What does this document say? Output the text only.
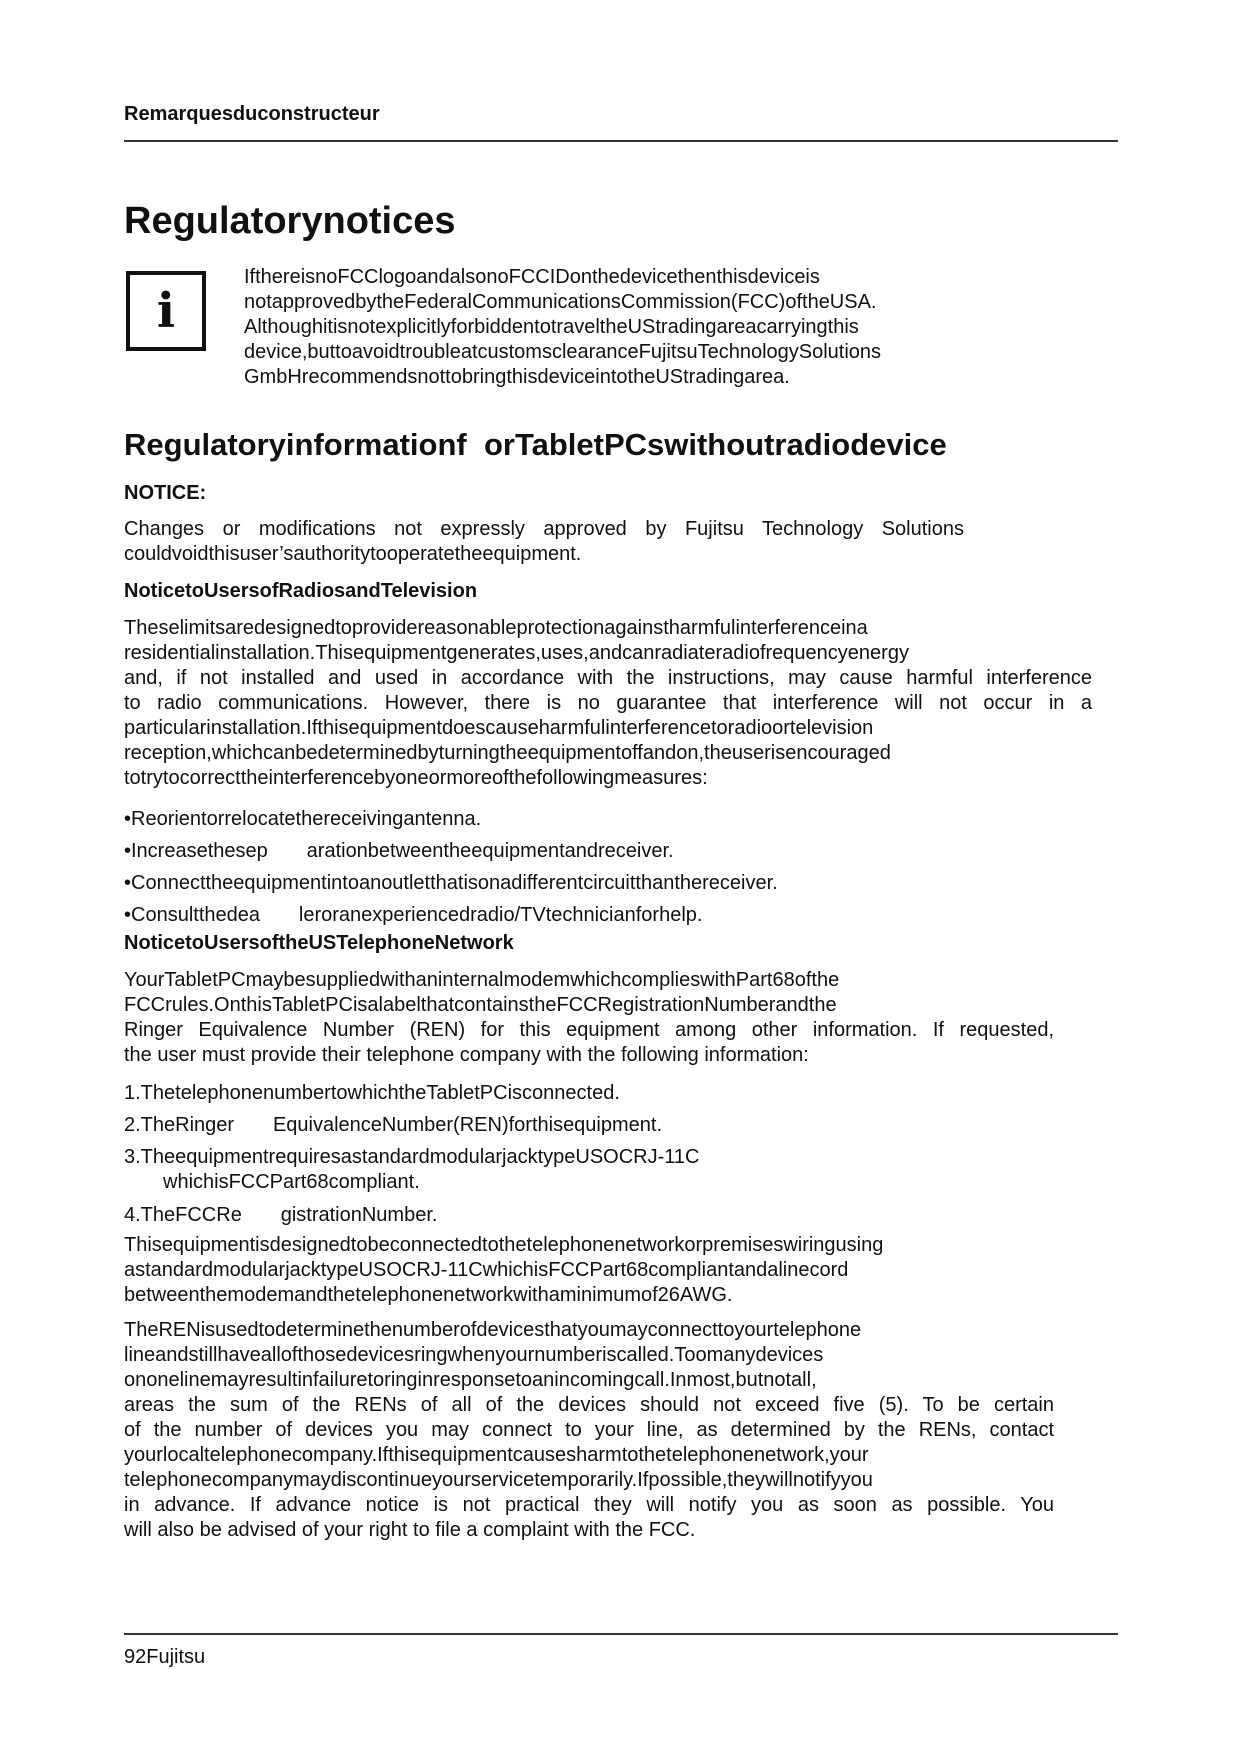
Remarquesduconstructeur
Regulatorynotices
i
IfthereisnoFCClogoandalsonoFCCIDonthedevicethenthisdeviceis
notapprovedbytheFederalCommunicationsCommission(FCC)oftheUSA.
AlthoughitisnotexplicitlyforbiddentotraveltheUStradingareacarryingthis
device,buttoavoidtroubleatcustomsclearanceFujitsuTechnologySolutions
GmbHrecommendsnottobringthisdeviceintotheUStradingarea.
Regulatoryinformationf  orTabletPCswithoutradiodevice
NOTICE:
Changes or modifications not expressly approved by Fujitsu Technology Solutions
couldvoidthisuser’sauthoritytooperatetheequipment.
NoticetoUsersofRadiosandTelevision
Theselimitsaredesignedtoprovidereasonableprotectionagainstharmfulinterferenceina
residentialinstallation.Thisequipmentgenerates,uses,andcanradiateradiofrequencyenergy
and, if not installed and used in accordance with the instructions, may cause harmful interference
to radio communications. However, there is no guarantee that interference will not occur in a
particularinstallation.Ifthisequipmentdoescauseharmfulinterferencetoradioortelevision
reception,whichcanbedeterminedbyturningtheequipmentoffandon,theuserisencouraged
totrytocorrecttheinterferencebyoneormoreofthefollowingmeasures:
•Reorientorrelocatethereceivingantenna.
•Increasethesep       arationbetweentheequipmentandreceiver.
•Connecttheequipmentintoanoutletthatisonadifferentcircuitthanthereceiver.
•Consultthedea       leroranexperiencedradio/TVtechnicianforhelp.
NoticetoUsersoftheUSTelephoneNetwork
YourTabletPCmaybesuppliedwithaninternalmodemwhichcomplieswithPart68ofthe
FCCrules.OnthisTabletPCisalabelthatcontainstheFCCRegistrationNumberandthe
Ringer Equivalence Number (REN) for this equipment among other information. If requested,
the user must provide their telephone company with the following information:
1.ThetelephonenumbertowhichtheTabletPCisconnected.
2.TheRinger       EquivalenceNumber(REN)forthisequipment.
3.TheequipmentrequiresastandardmodularjacktypeUSOCRJ-11C
whichisFCCPart68compliant.
4.TheFCCRe       gistrationNumber.
Thisequipmentisdesignedtobeconnectedtothetelephonenetworkorpremiseswiringusing
astandardmodularjacktypeUSOCRJ-11CwhichisFCCPart68compliantandalinecord
betweenthemodemandthetelephonenetworkwithaminimumof26AWG.
TheRENisusedtodeterminethenumberofdevicesthatyoumayconnecttoyourtelephone
lineandstillhaveallofthosedevicesringwhenyournumberiscalled.Toomanydevices
ononelinemayresultinfailuretoringinresponsetoanincomingcall.Inmost,butnotall,
areas the sum of the RENs of all of the devices should not exceed five (5). To be certain
of the number of devices you may connect to your line, as determined by the RENs, contact
yourlocaltelephonecompany.Ifthisequipmentcausesharmtothetelephonenetwork,your
telephonecompanymaydiscontinueyourservicetemporarily.Ifpossible,theywillnotifyyou
in advance. If advance notice is not practical they will notify you as soon as possible. You
will also be advised of your right to file a complaint with the FCC.
92Fujitsu
